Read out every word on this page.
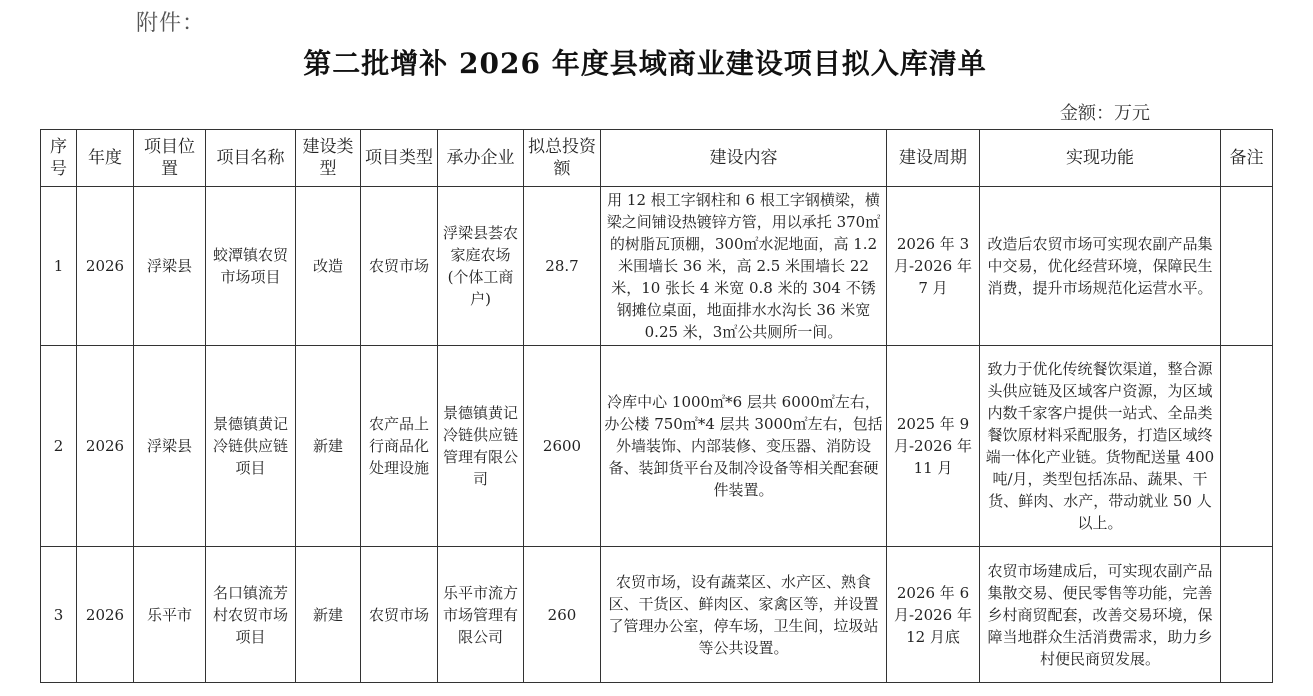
附件：
第二批增补 2026 年度县域商业建设项目拟入库清单
金额：万元
序号	年度	项目位置	项目名称	建设类型	项目类型	承办企业	拟总投资额	建设内容	建设周期	实现功能	备注
1	2026	浮梁县	蛟潭镇农贸市场项目	改造	农贸市场	浮梁县荟农家庭农场(个体工商户)	28.7	用 12 根工字钢柱和 6 根工字钢横梁，横梁之间铺设热镀锌方管，用以承托 370㎡的树脂瓦顶棚，300㎡水泥地面，高 1.2 米围墙长 36 米，高 2.5 米围墙长 22 米，10 张长 4 米宽 0.8 米的 304 不锈钢摊位桌面，地面排水水沟长 36 米宽 0.25 米，3㎡公共厕所一间。	2026 年 3 月-2026 年 7 月	改造后农贸市场可实现农副产品集中交易，优化经营环境，保障民生消费，提升市场规范化运营水平。	
2	2026	浮梁县	景德镇黄记冷链供应链项目	新建	农产品上行商品化处理设施	景德镇黄记冷链供应链管理有限公司	2600	冷库中心 1000㎡*6 层共 6000㎡左右，办公楼 750㎡*4 层共 3000㎡左右，包括外墙装饰、内部装修、变压器、消防设备、装卸货平台及制冷设备等相关配套硬件装置。	2025 年 9 月-2026 年 11 月	致力于优化传统餐饮渠道，整合源头供应链及区域客户资源，为区域内数千家客户提供一站式、全品类餐饮原材料采配服务，打造区域终端一体化产业链。货物配送量 400 吨/月，类型包括冻品、蔬果、干货、鲜肉、水产，带动就业 50 人以上。	
3	2026	乐平市	名口镇流芳村农贸市场项目	新建	农贸市场	乐平市流方市场管理有限公司	260	农贸市场，设有蔬菜区、水产区、熟食区、干货区、鲜肉区、家禽区等，并设置了管理办公室，停车场，卫生间，垃圾站等公共设置。	2026 年 6 月-2026 年 12 月底	农贸市场建成后，可实现农副产品集散交易、便民零售等功能，完善乡村商贸配套，改善交易环境，保障当地群众生活消费需求，助力乡村便民商贸发展。	
